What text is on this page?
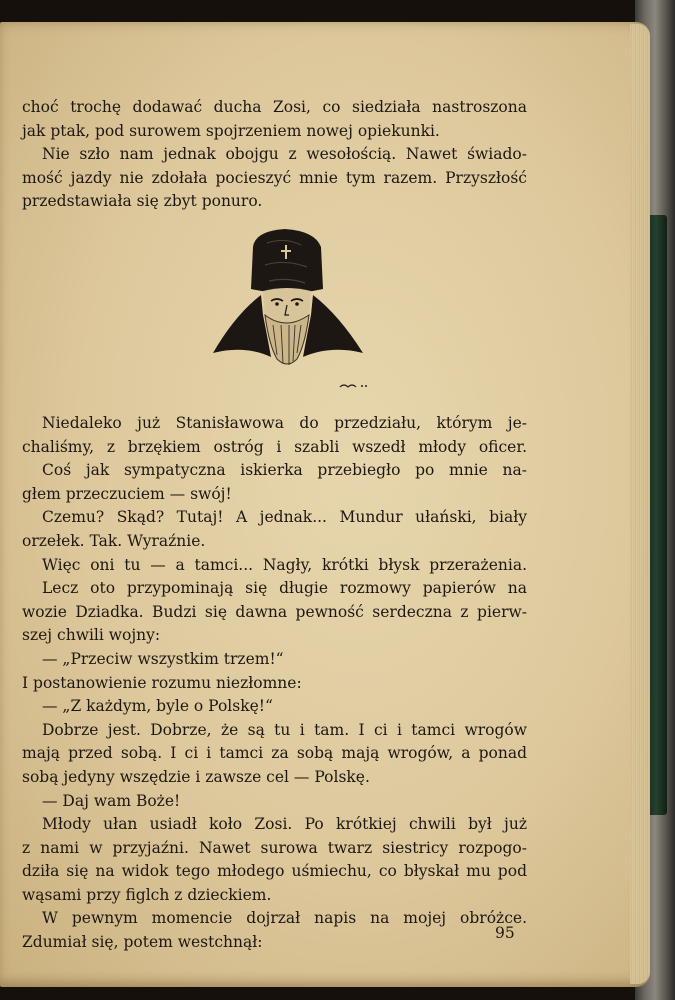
choć trochę dodawać ducha Zosi, co siedziała nastroszona

jak ptak, pod surowem spojrzeniem nowej opiekunki.

Nie szło nam jednak obojgu z wesołością. Nawet świado-

mość jazdy nie zdołała pocieszyć mnie tym razem. Przyszłość

przedstawiała się zbyt ponuro.

Niedaleko już Stanisławowa do przedziału, którym je-

chaliśmy, z brzękiem ostróg i szabli wszedł młody oficer.

Coś jak sympatyczna iskierka przebiegło po mnie na-

głem przeczuciem — swój!

Czemu? Skąd? Tutaj! A jednak... Mundur ułański, biały

orzełek. Tak. Wyraźnie.

Więc oni tu — a tamci... Nagły, krótki błysk przerażenia.

Lecz oto przypominają się długie rozmowy papierów na

wozie Dziadka. Budzi się dawna pewność serdeczna z pierw-

szej chwili wojny:

— „Przeciw wszystkim trzem!“

I postanowienie rozumu niezłomne:

— „Z każdym, byle o Polskę!“

Dobrze jest. Dobrze, że są tu i tam. I ci i tamci wrogów

mają przed sobą. I ci i tamci za sobą mają wrogów, a ponad

sobą jedyny wszędzie i zawsze cel — Polskę.

— Daj wam Boże!

Młody ułan usiadł koło Zosi. Po krótkiej chwili był już

z nami w przyjaźni. Nawet surowa twarz siestricy rozpogo-

dziła się na widok tego młodego uśmiechu, co błyskał mu pod

wąsami przy figlch z dzieckiem.

W pewnym momencie dojrzał napis na mojej obróżce.

Zdumiał się, potem westchnął:

95
